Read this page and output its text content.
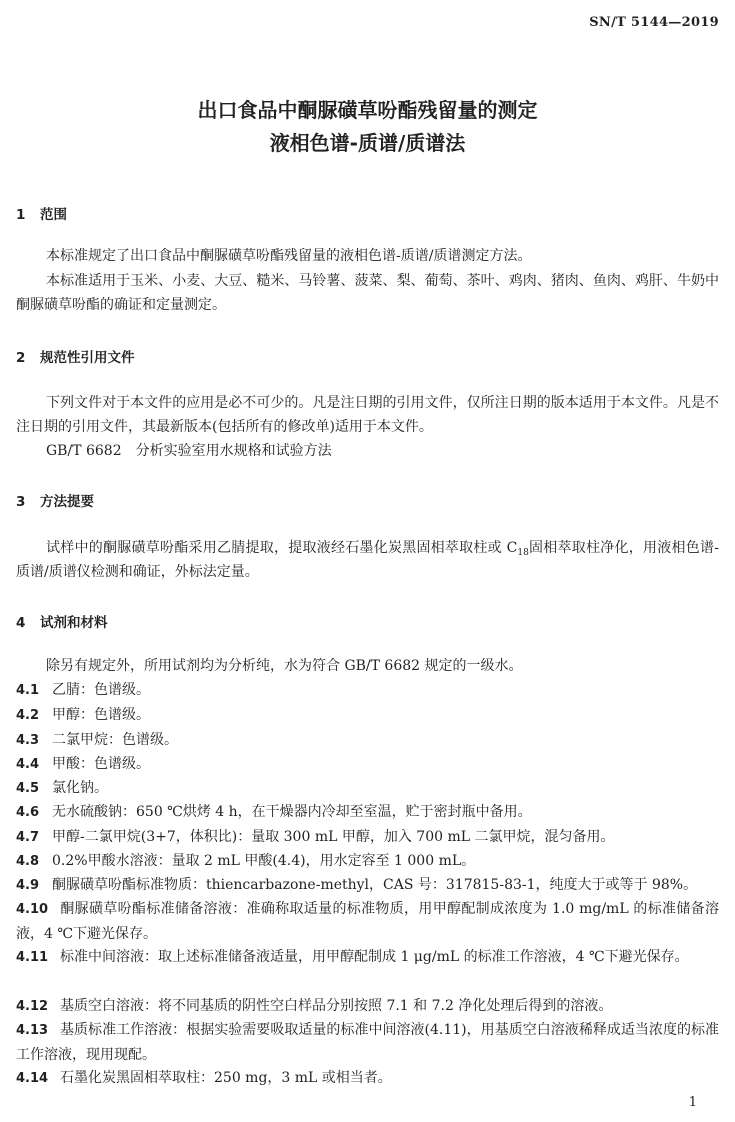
SN/T 5144—2019
出口食品中酮脲磺草吩酯残留量的测定
液相色谱-质谱/质谱法
1 范围
本标准规定了出口食品中酮脲磺草吩酯残留量的液相色谱-质谱/质谱测定方法。
本标准适用于玉米、小麦、大豆、糙米、马铃薯、菠菜、梨、葡萄、茶叶、鸡肉、猪肉、鱼肉、鸡肝、牛奶中酮脲磺草吩酯的确证和定量测定。
2 规范性引用文件
下列文件对于本文件的应用是必不可少的。凡是注日期的引用文件，仅所注日期的版本适用于本文件。凡是不注日期的引用文件，其最新版本(包括所有的修改单)适用于本文件。
GB/T 6682　分析实验室用水规格和试验方法
3 方法提要
试样中的酮脲磺草吩酯采用乙腈提取，提取液经石墨化炭黑固相萃取柱或 $C_{18}$固相萃取柱净化，用液相色谱-质谱/质谱仪检测和确证，外标法定量。
4 试剂和材料
除另有规定外，所用试剂均为分析纯，水为符合 GB/T 6682 规定的一级水。
4.1 乙腈：色谱级。
4.2 甲醇：色谱级。
4.3 二氯甲烷：色谱级。
4.4 甲酸：色谱级。
4.5 氯化钠。
4.6 无水硫酸钠：650 ℃烘烤 4 h，在干燥器内冷却至室温，贮于密封瓶中备用。
4.7 甲醇-二氯甲烷(3+7，体积比)：量取 300 mL 甲醇，加入 700 mL 二氯甲烷，混匀备用。
4.8 0.2%甲酸水溶液：量取 2 mL 甲酸(4.4)，用水定容至 1 000 mL。
4.9 酮脲磺草吩酯标准物质：thiencarbazone-methyl，CAS 号：317815-83-1，纯度大于或等于 98%。
4.10 酮脲磺草吩酯标准储备溶液：准确称取适量的标准物质，用甲醇配制成浓度为 1.0 mg/mL 的标准储备溶液，4 ℃下避光保存。
4.11 标准中间溶液：取上述标准储备液适量，用甲醇配制成 1 μg/mL 的标准工作溶液，4 ℃下避光保存。
4.12 基质空白溶液：将不同基质的阴性空白样品分别按照 7.1 和 7.2 净化处理后得到的溶液。
4.13 基质标准工作溶液：根据实验需要吸取适量的标准中间溶液(4.11)，用基质空白溶液稀释成适当浓度的标准工作溶液，现用现配。
4.14 石墨化炭黑固相萃取柱：250 mg，3 mL 或相当者。
1
